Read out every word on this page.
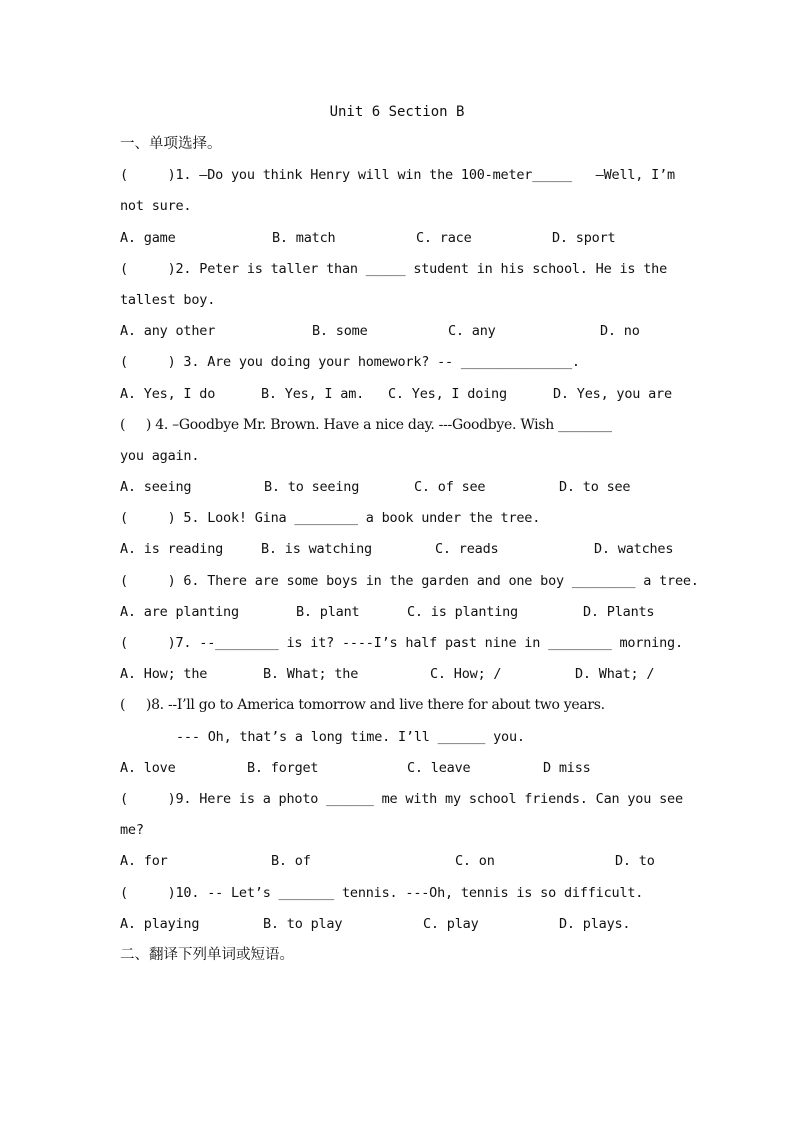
Unit 6 Section B
一、单项选择。
(     )1. —Do you think Henry will win the 100-meter_____   —Well, I’m
not sure.

A. game

	B. match

	C. race

	D. sport

(     )2. Peter is taller than _____ student in his school. He is the
tallest boy.

A. any other

	B. some

	C. any

	D. no

(     ) 3. Are you doing your homework? -- ______________.

A. Yes, I do

	B. Yes, I am.

C. Yes, I doing

	D. Yes, you are

(     ) 4. –Goodbye Mr. Brown. Have a nice day. ---Goodbye. Wish ________
you again.

A. seeing

	B. to seeing

	C. of see

	D. to see

(     ) 5. Look! Gina ________ a book under the tree.

A. is reading

	B. is watching

	C. reads

	D. watches

(     ) 6. There are some boys in the garden and one boy ________ a tree.

A. are planting

	B. plant

	C. is planting

	D. Plants

(     )7. --________ is it? ----I’s half past nine in ________ morning.

A. How; the

	B. What; the

	C. How; /

	D. What; /

(     )8. --I’ll go to America tomorrow and live there for about two years.
--- Oh, that’s a long time. I’ll ______ you.

A. love

	B. forget

	C. leave

	D miss

(     )9. Here is a photo ______ me with my school friends. Can you see
me?

A. for

	B. of

	C. on

	D. to

(     )10. -- Let’s _______ tennis. ---Oh, tennis is so difficult.

A. playing

	B. to play

	C. play

	D. plays.

二、翻译下列单词或短语。
